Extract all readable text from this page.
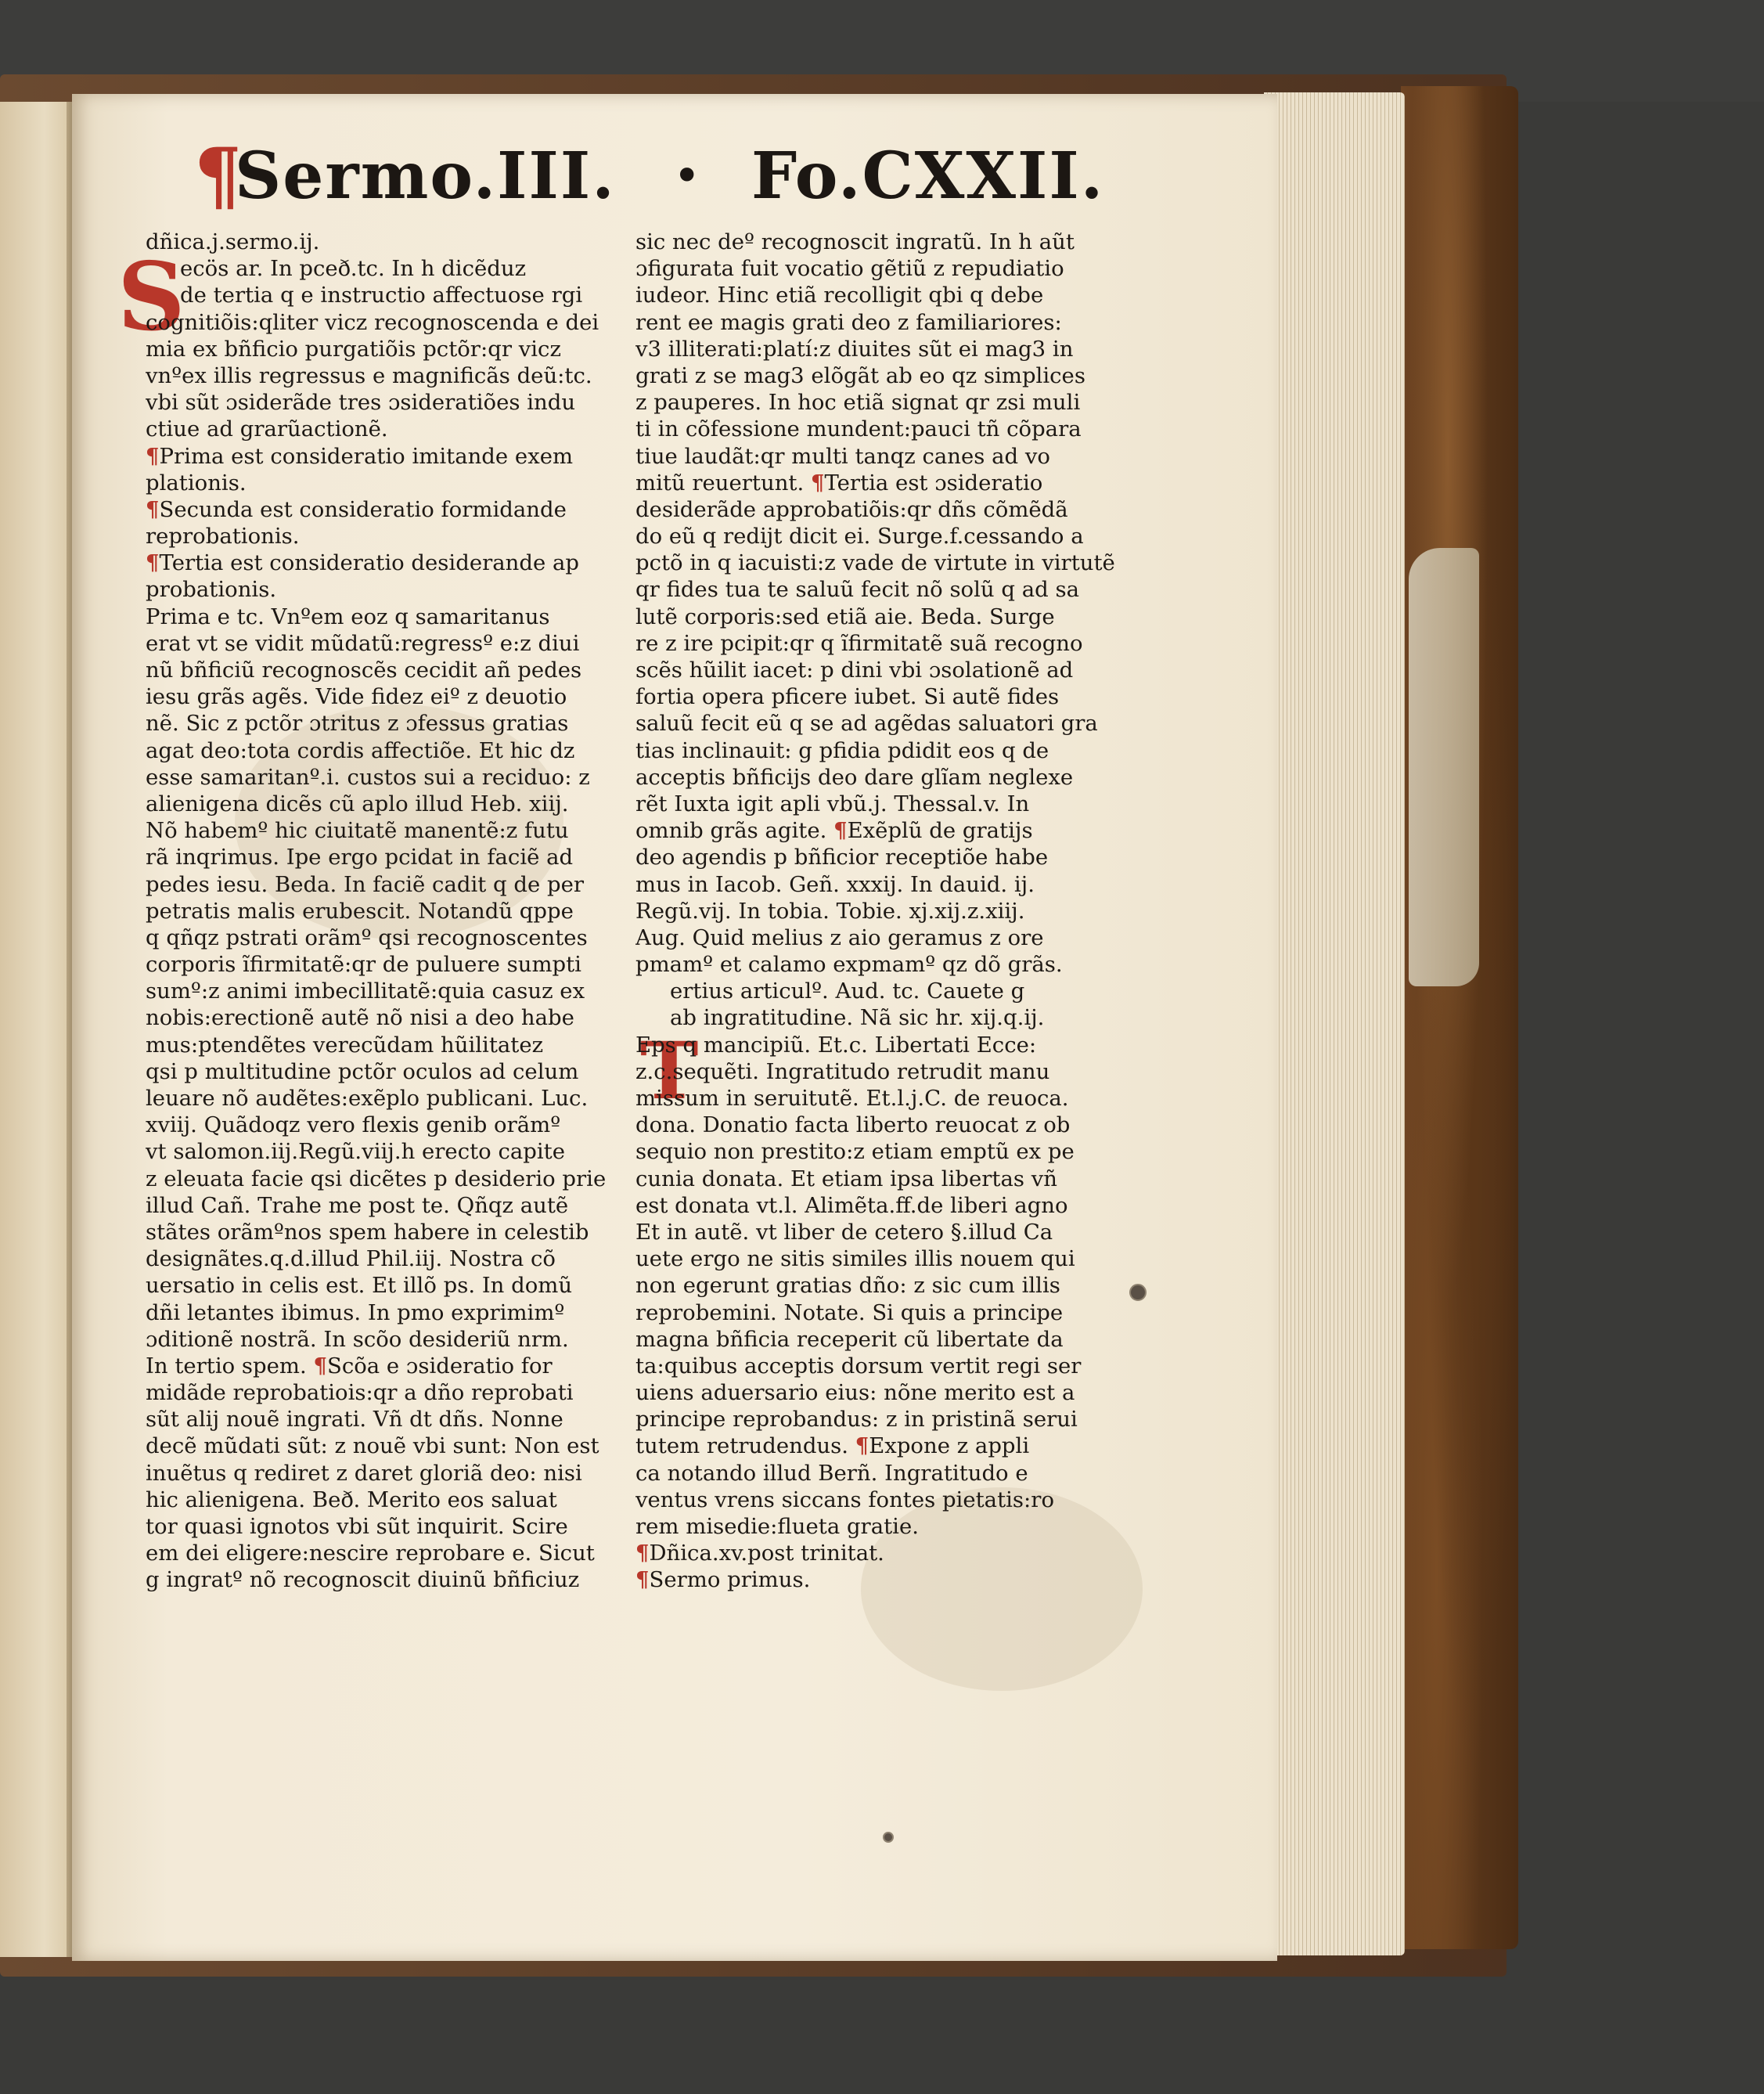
¶
Sermo.III. • Fo.CXXII.
S
T
dñica.j.sermo.ij.
ecös ar. In pceð.tc. In h dicẽduz
de tertia q e instructio affectuose rgi
cognitiõis:qliter vicz recognoscenda e dei
mia ex bñficio purgatiõis pctõr:qr vicz
vnºex illis regressus e magnificãs deũ:tc.
vbi sũt ɔsiderãde tres ɔsideratiões indu
ctiue ad grarũactionẽ.
¶Prima est consideratio imitande exem
plationis.
¶Secunda est consideratio formidande
reprobationis.
¶Tertia est consideratio desiderande ap
probationis.
Prima e tc. Vnºem eoz q samaritanus
erat vt se vidit mũdatũ:regressº e:z diui
nũ bñficiũ recognoscẽs cecidit añ pedes
iesu grãs agẽs. Vide fidez eiº z deuotio
nẽ. Sic z pctõr ɔtritus z ɔfessus gratias
agat deo:tota cordis affectiõe. Et hic dz
esse samaritanº.i. custos sui a reciduo: z
alienigena dicẽs cũ aplo illud Heb. xiij.
Nõ habemº hic ciuitatẽ manentẽ:z futu
rã inqrimus. Ipe ergo pcidat in faciẽ ad
pedes iesu. Beda. In faciẽ cadit q de per
petratis malis erubescit. Notandũ qppe
q qñqz pstrati orãmº qsi recognoscentes
corporis ĩfirmitatẽ:qr de puluere sumpti
sumº:z animi imbecillitatẽ:quia casuz ex
nobis:erectionẽ autẽ nõ nisi a deo habe
mus:ptendẽtes verecũdam hũilitatez
qsi p multitudine pctõr oculos ad celum
leuare nõ audẽtes:exẽplo publicani. Luc.
xviij. Quãdoqz vero flexis genib orãmº
vt salomon.iij.Regũ.viij.h erecto capite
z eleuata facie qsi dicẽtes p desiderio prie
illud Cañ. Trahe me post te. Qñqz autẽ
stãtes orãmºnos spem habere in celestib
designãtes.q.d.illud Phil.iij. Nostra cõ
uersatio in celis est. Et illõ ps. In domũ
dñi letantes ibimus. In pmo exprimimº
ɔditionẽ nostrã. In scõo desideriũ nrm.
In tertio spem. ¶Scõa e ɔsideratio for
midãde reprobatiois:qr a dño reprobati
sũt alij nouẽ ingrati. Vñ dt dñs. Nonne
decẽ mũdati sũt: z nouẽ vbi sunt: Non est
inuẽtus q rediret z daret gloriã deo: nisi
hic alienigena. Beð. Merito eos saluat
tor quasi ignotos vbi sũt inquirit. Scire
em dei eligere:nescire reprobare e. Sicut
g ingratº nõ recognoscit diuinũ bñficiuz
sic nec deº recognoscit ingratũ. In h aũt
ɔfigurata fuit vocatio gẽtiũ z repudiatio
iudeor. Hinc etiã recolligit qbi q debe
rent ee magis grati deo z familiariores:
v3 illiterati:platí:z diuites sũt ei mag3 in
grati z se mag3 elõgãt ab eo qz simplices
z pauperes. In hoc etiã signat qr zsi muli
ti in cõfessione mundent:pauci tñ cõpara
tiue laudãt:qr multi tanqz canes ad vo
mitũ reuertunt. ¶Tertia est ɔsideratio
desiderãde approbatiõis:qr dñs cõmẽdã
do eũ q redijt dicit ei. Surge.f.cessando a
pctõ in q iacuisti:z vade de virtute in virtutẽ
qr fides tua te saluũ fecit nõ solũ q ad sa
lutẽ corporis:sed etiã aie. Beda. Surge
re z ire pcipit:qr q ĩfirmitatẽ suã recogno
scẽs hũilit iacet: p dini vbi ɔsolationẽ ad
fortia opera pficere iubet. Si autẽ fides
saluũ fecit eũ q se ad agẽdas saluatori gra
tias inclinauit: g pfidia pdidit eos q de
acceptis bñficijs deo dare glĩam neglexe
rẽt Iuxta igit apli vbũ.j. Thessal.v. In
omnib grãs agite. ¶Exẽplũ de gratijs
deo agendis p bñficior receptiõe habe
mus in Iacob. Geñ. xxxij. In dauid. ij.
Regũ.vij. In tobia. Tobie. xj.xij.z.xiij.
Aug. Quid melius z aio geramus z ore
pmamº et calamo expmamº qz dõ grãs.
ertius articulº. Aud. tc. Cauete g
ab ingratitudine. Nã sic hr. xij.q.ij.
Eps q mancipiũ. Et.c. Libertati Ecce:
z.c.sequẽti. Ingratitudo retrudit manu
missum in seruitutẽ. Et.l.j.C. de reuoca.
dona. Donatio facta liberto reuocat z ob
sequio non prestito:z etiam emptũ ex pe
cunia donata. Et etiam ipsa libertas vñ
est donata vt.l. Alimẽta.ff.de liberi agno
Et in autẽ. vt liber de cetero §.illud Ca
uete ergo ne sitis similes illis nouem qui
non egerunt gratias dño: z sic cum illis
reprobemini. Notate. Si quis a principe
magna bñficia receperit cũ libertate da
ta:quibus acceptis dorsum vertit regi ser
uiens aduersario eius: nõne merito est a
principe reprobandus: z in pristinã serui
tutem retrudendus. ¶Expone z appli
ca notando illud Berñ. Ingratitudo e
ventus vrens siccans fontes pietatis:ro
rem misedie:flueta gratie.
¶Dñica.xv.post trinitat.
¶Sermo primus.
